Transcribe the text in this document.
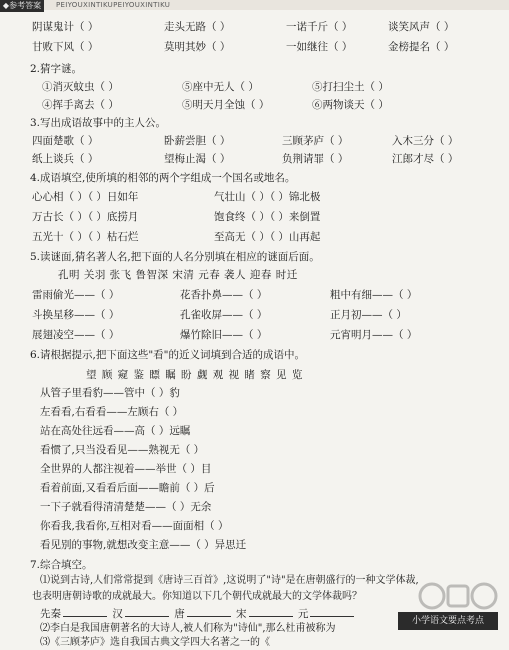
◆参考答案	PEIYOUXINTIKUPEIYOUXINTIKU
阴谋鬼计（ ）	走头无路（ ）	一诺千斤（ ）	谈笑风声（ ）
甘败下风（ ）	莫明其妙（ ）	一如继往（ ）	金榜提名（ ）
2.猜字谜。
①消灭蚊虫（ ）	⑤座中无人（ ）	⑤打扫尘土（ ）
④挥手离去（ ）	⑤明天月全蚀（ ）	⑥两物谈天（ ）
3.写出成语故事中的主人公。
四面楚歌（ ）	卧薪尝胆（ ）	三顾茅庐（ ）	入木三分（ ）
纸上谈兵（ ）	望梅止渴（ ）	负荆请罪（ ）	江郎才尽（ ）
4.成语填空,使所填的相邻的两个字组成一个国名或地名。
心心相（ ）（ ）日如年	气壮山（ ）（ ）锦北极
万古长（ ）（ ）底捞月	饱食终（ ）（ ）来倒置
五光十（ ）（ ）枯石烂	至高无（ ）（ ）山再起
5.读谜面,猜名著人名,把下面的人名分别填在相应的谜面后面。
孔明 关羽 张飞 鲁智深 宋清 元春 袭人 迎春 时迁
雷雨偷光——（ ）	花香扑鼻——（ ）	粗中有细——（ ）
斗换星移——（ ）	孔雀收屏——（ ）	正月初——（ ）
展翅凌空——（ ）	爆竹除旧——（ ）	元宵明月——（ ）
6.请根据提示,把下面这些"看"的近义词填到合适的成语中。
望 顾 窥 鉴 瞟 瞩 盼 觑 观 视 睹 察 见 览
从管子里看豹——管中（ ）豹
左看看,右看看——左顾右（ ）
站在高处往远看——高（ ）远瞩
看惯了,只当没看见——熟视无（ ）
全世界的人都注视着——举世（ ）目
看着前面,又看看后面——瞻前（ ）后
一下子就看得清清楚楚——（ ）无余
你看我,我看你,互相对看——面面相（ ）
看见别的事物,就想改变主意——（ ）异思迁
7.综合填空。
⑴说到古诗,人们常常提到《唐诗三百首》,这说明了"诗"是在唐朝盛行的一种文学体裁,
也表明唐朝诗歌的成就最大。你知道以下几个朝代成就最大的文学体裁吗？
先秦	汉	唐	宋	元
⑵李白是我国唐朝著名的大诗人,被人们称为"诗仙",那么杜甫被称为
⑶《三顾茅庐》选自我国古典文学四大名著之一的《
小学语文要点考点
